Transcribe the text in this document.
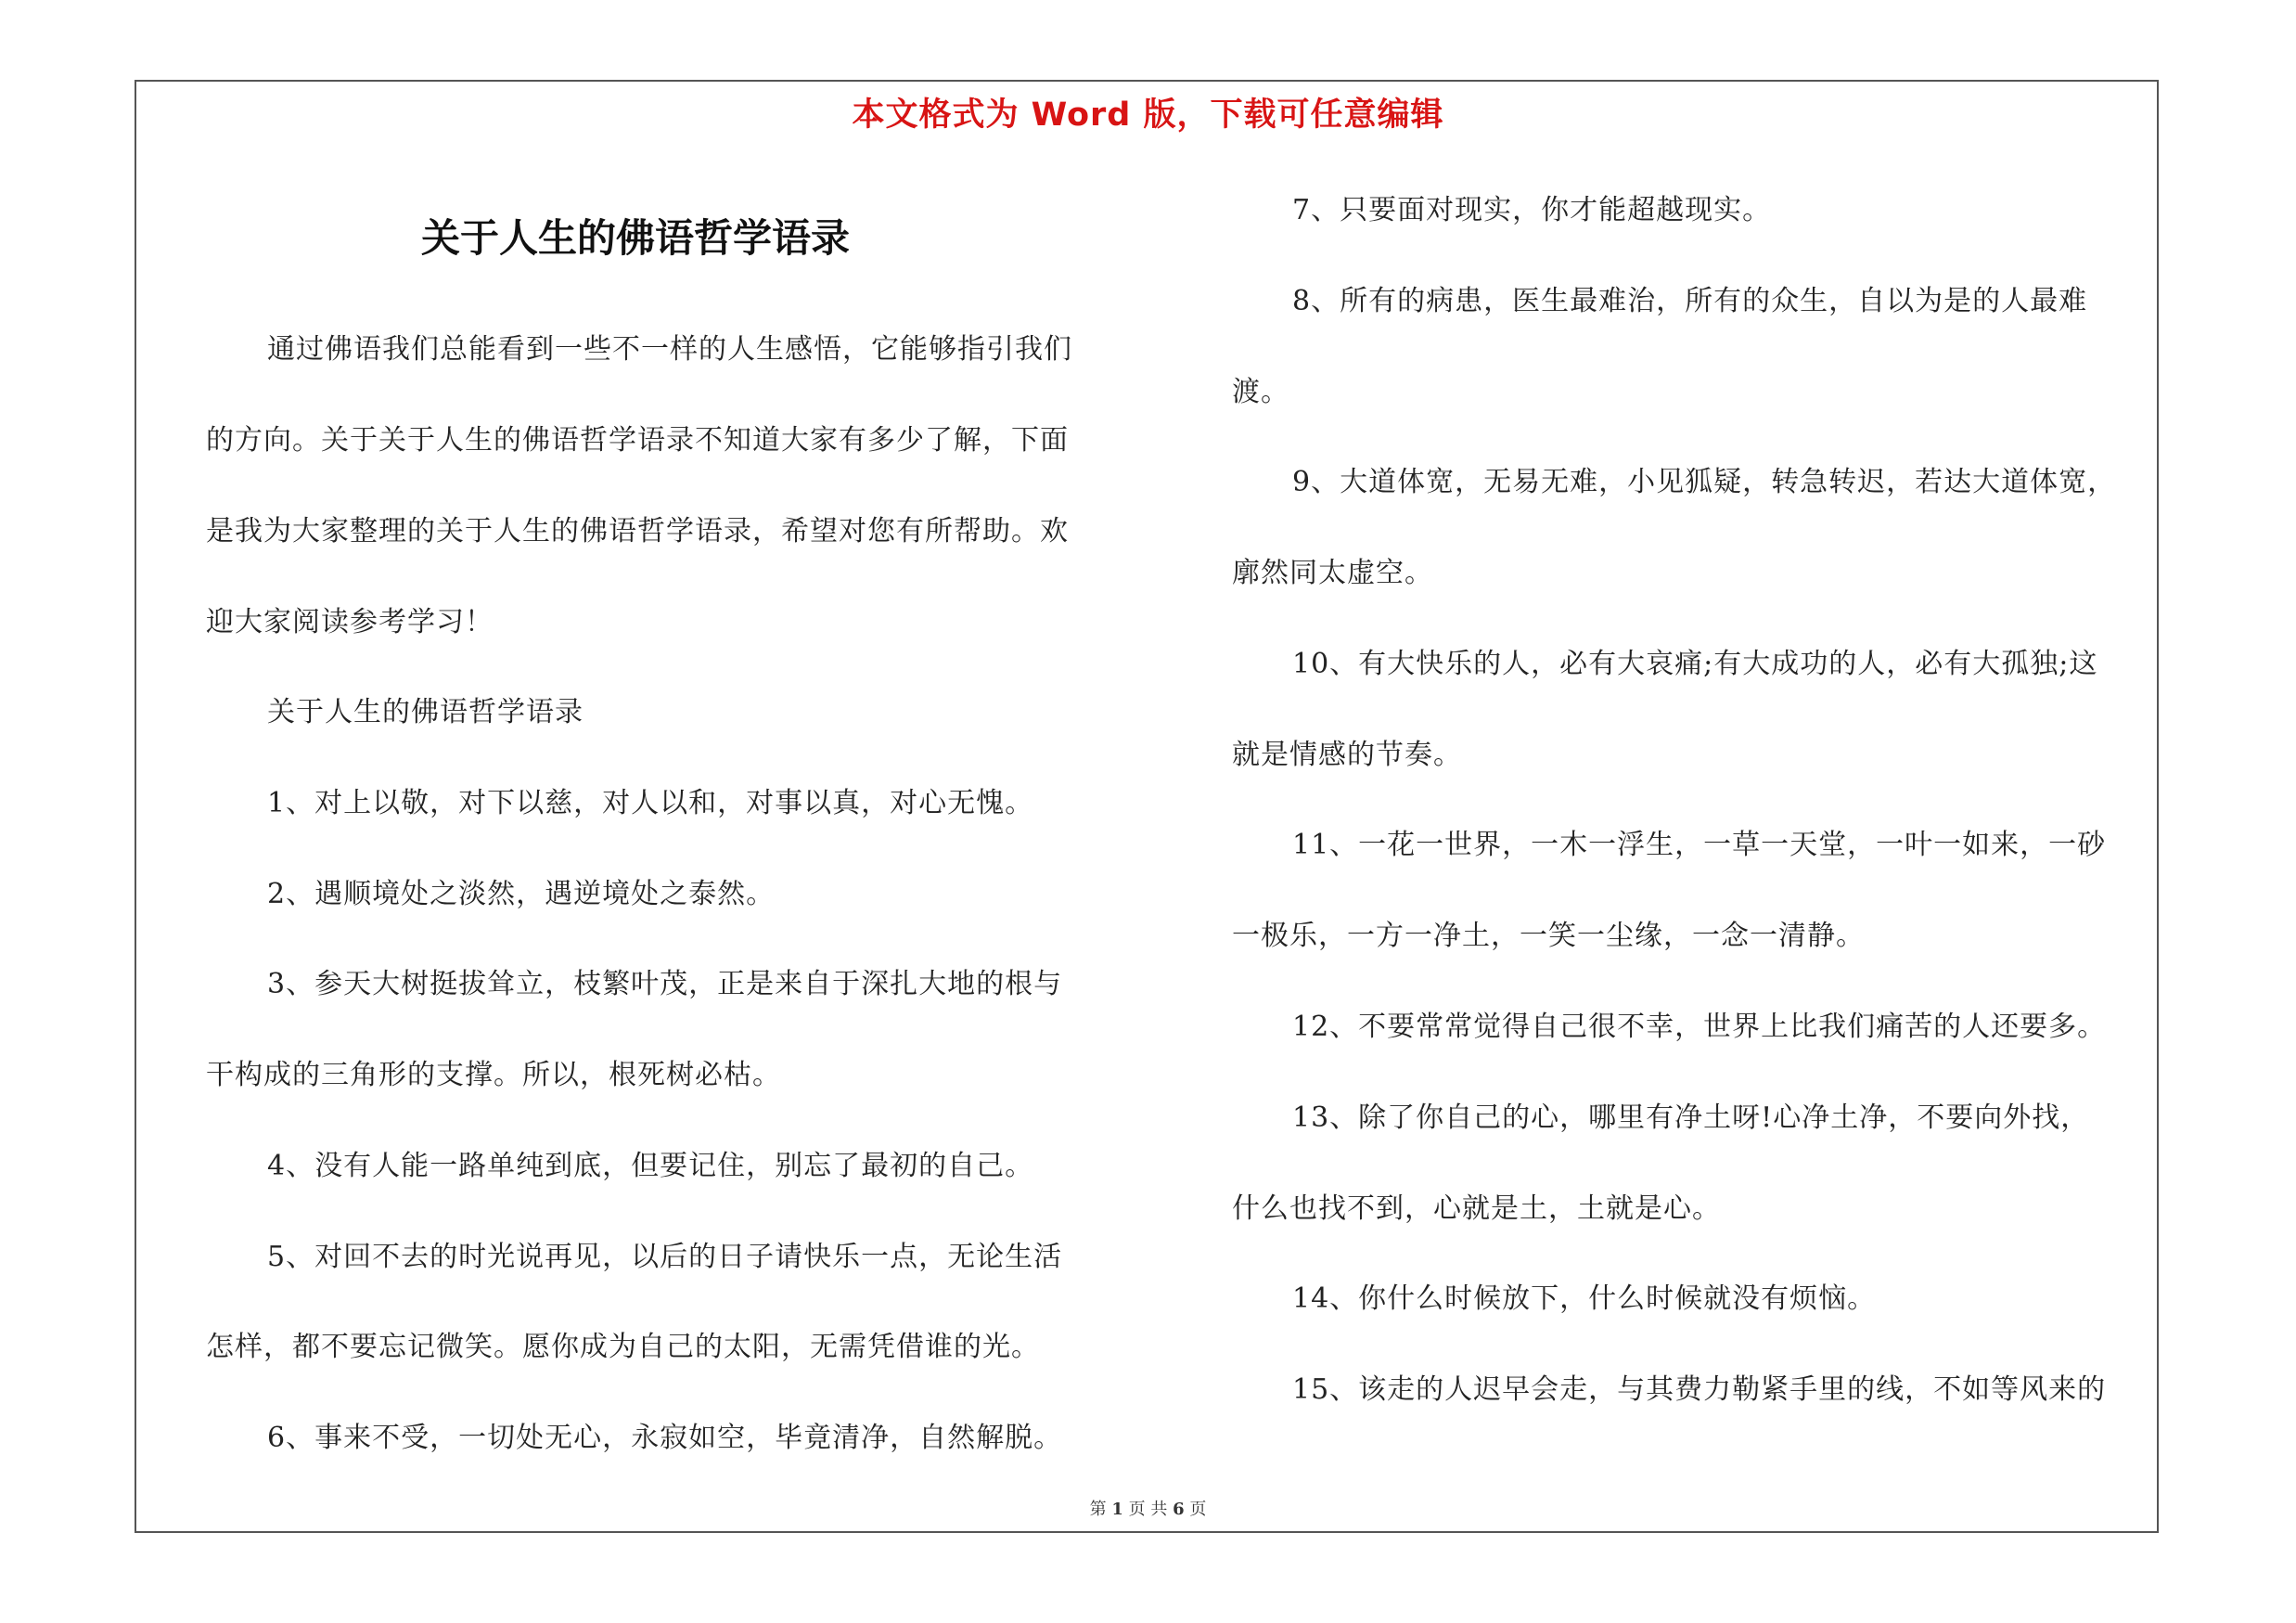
本文格式为 Word 版，下载可任意编辑
关于人生的佛语哲学语录
通过佛语我们总能看到一些不一样的人生感悟，它能够指引我们
的方向。关于关于人生的佛语哲学语录不知道大家有多少了解，下面
是我为大家整理的关于人生的佛语哲学语录，希望对您有所帮助。欢
迎大家阅读参考学习！
关于人生的佛语哲学语录
1、对上以敬，对下以慈，对人以和，对事以真，对心无愧。
2、遇顺境处之淡然，遇逆境处之泰然。
3、参天大树挺拔耸立，枝繁叶茂，正是来自于深扎大地的根与
干构成的三角形的支撑。所以，根死树必枯。
4、没有人能一路单纯到底，但要记住，别忘了最初的自己。
5、对回不去的时光说再见，以后的日子请快乐一点，无论生活
怎样，都不要忘记微笑。愿你成为自己的太阳，无需凭借谁的光。
6、事来不受，一切处无心，永寂如空，毕竟清净，自然解脱。
7、只要面对现实，你才能超越现实。
8、所有的病患，医生最难治，所有的众生，自以为是的人最难
渡。
9、大道体宽，无易无难，小见狐疑，转急转迟，若达大道体宽，
廓然同太虚空。
10、有大快乐的人，必有大哀痛;有大成功的人，必有大孤独;这
就是情感的节奏。
11、一花一世界，一木一浮生，一草一天堂，一叶一如来，一砂
一极乐，一方一净土，一笑一尘缘，一念一清静。
12、不要常常觉得自己很不幸，世界上比我们痛苦的人还要多。
13、除了你自己的心，哪里有净土呀!心净土净，不要向外找，
什么也找不到，心就是土，土就是心。
14、你什么时候放下，什么时候就没有烦恼。
15、该走的人迟早会走，与其费力勒紧手里的线，不如等风来的
第 1 页 共 6 页
